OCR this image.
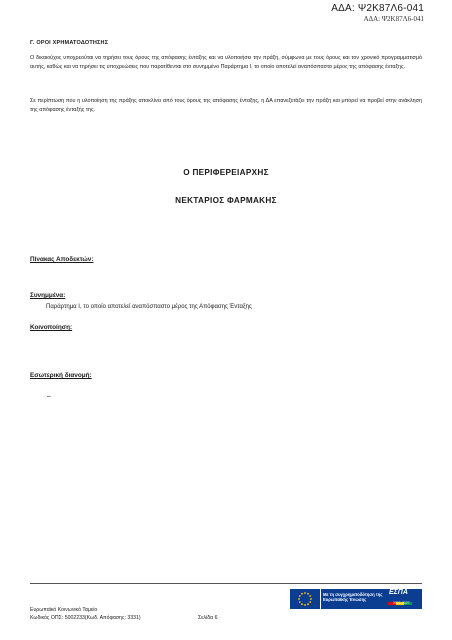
ΑΔΑ: Ψ2Κ87Λ6-041
ΑΔΑ: Ψ2Κ87Λ6-041
Γ. ΟΡΟΙ ΧΡΗΜΑΤΟΔΟΤΗΣΗΣ
Ο δικαιούχος υποχρεούται να τηρήσει τους όρους της απόφασης ένταξης και να υλοποιήσει την πράξη, σύμφωνα με τους όρους και τον χρονικό προγραμματισμό αυτής, καθώς και να τηρήσει τις υποχρεώσεις που παρατίθενται στο συνημμένο Παράρτημα Ι, το οποίο αποτελεί αναπόσπαστο μέρος της απόφασης ένταξης.
Σε περίπτωση που η υλοποίηση της πράξης αποκλίνει από τους όρους της απόφασης ένταξης, η ΔΑ επανεξετάζει την πράξη και μπορεί να προβεί στην ανάκληση της απόφασης ένταξής της.
Ο ΠΕΡΙΦΕΡΕΙΑΡΧΗΣ
ΝΕΚΤΑΡΙΟΣ ΦΑΡΜΑΚΗΣ
Πίνακας Αποδεκτών:
Συνημμένα:
Παράρτημα Ι, το οποίο αποτελεί αναπόσπαστο μέρος της Απόφασης Ένταξης
Κοινοποίηση:
Εσωτερική διανομή:
–
Με τη συγχρηματοδότηση της Ευρωπαϊκής Ένωσης
ΕΣΠΑ
2021-2027
Ευρωπαϊκό Κοινωνικό Ταμείο
Κωδικός ΟΠΣ: 5002233(Κωδ. Απόφασης: 3331)	Σελίδα 6
